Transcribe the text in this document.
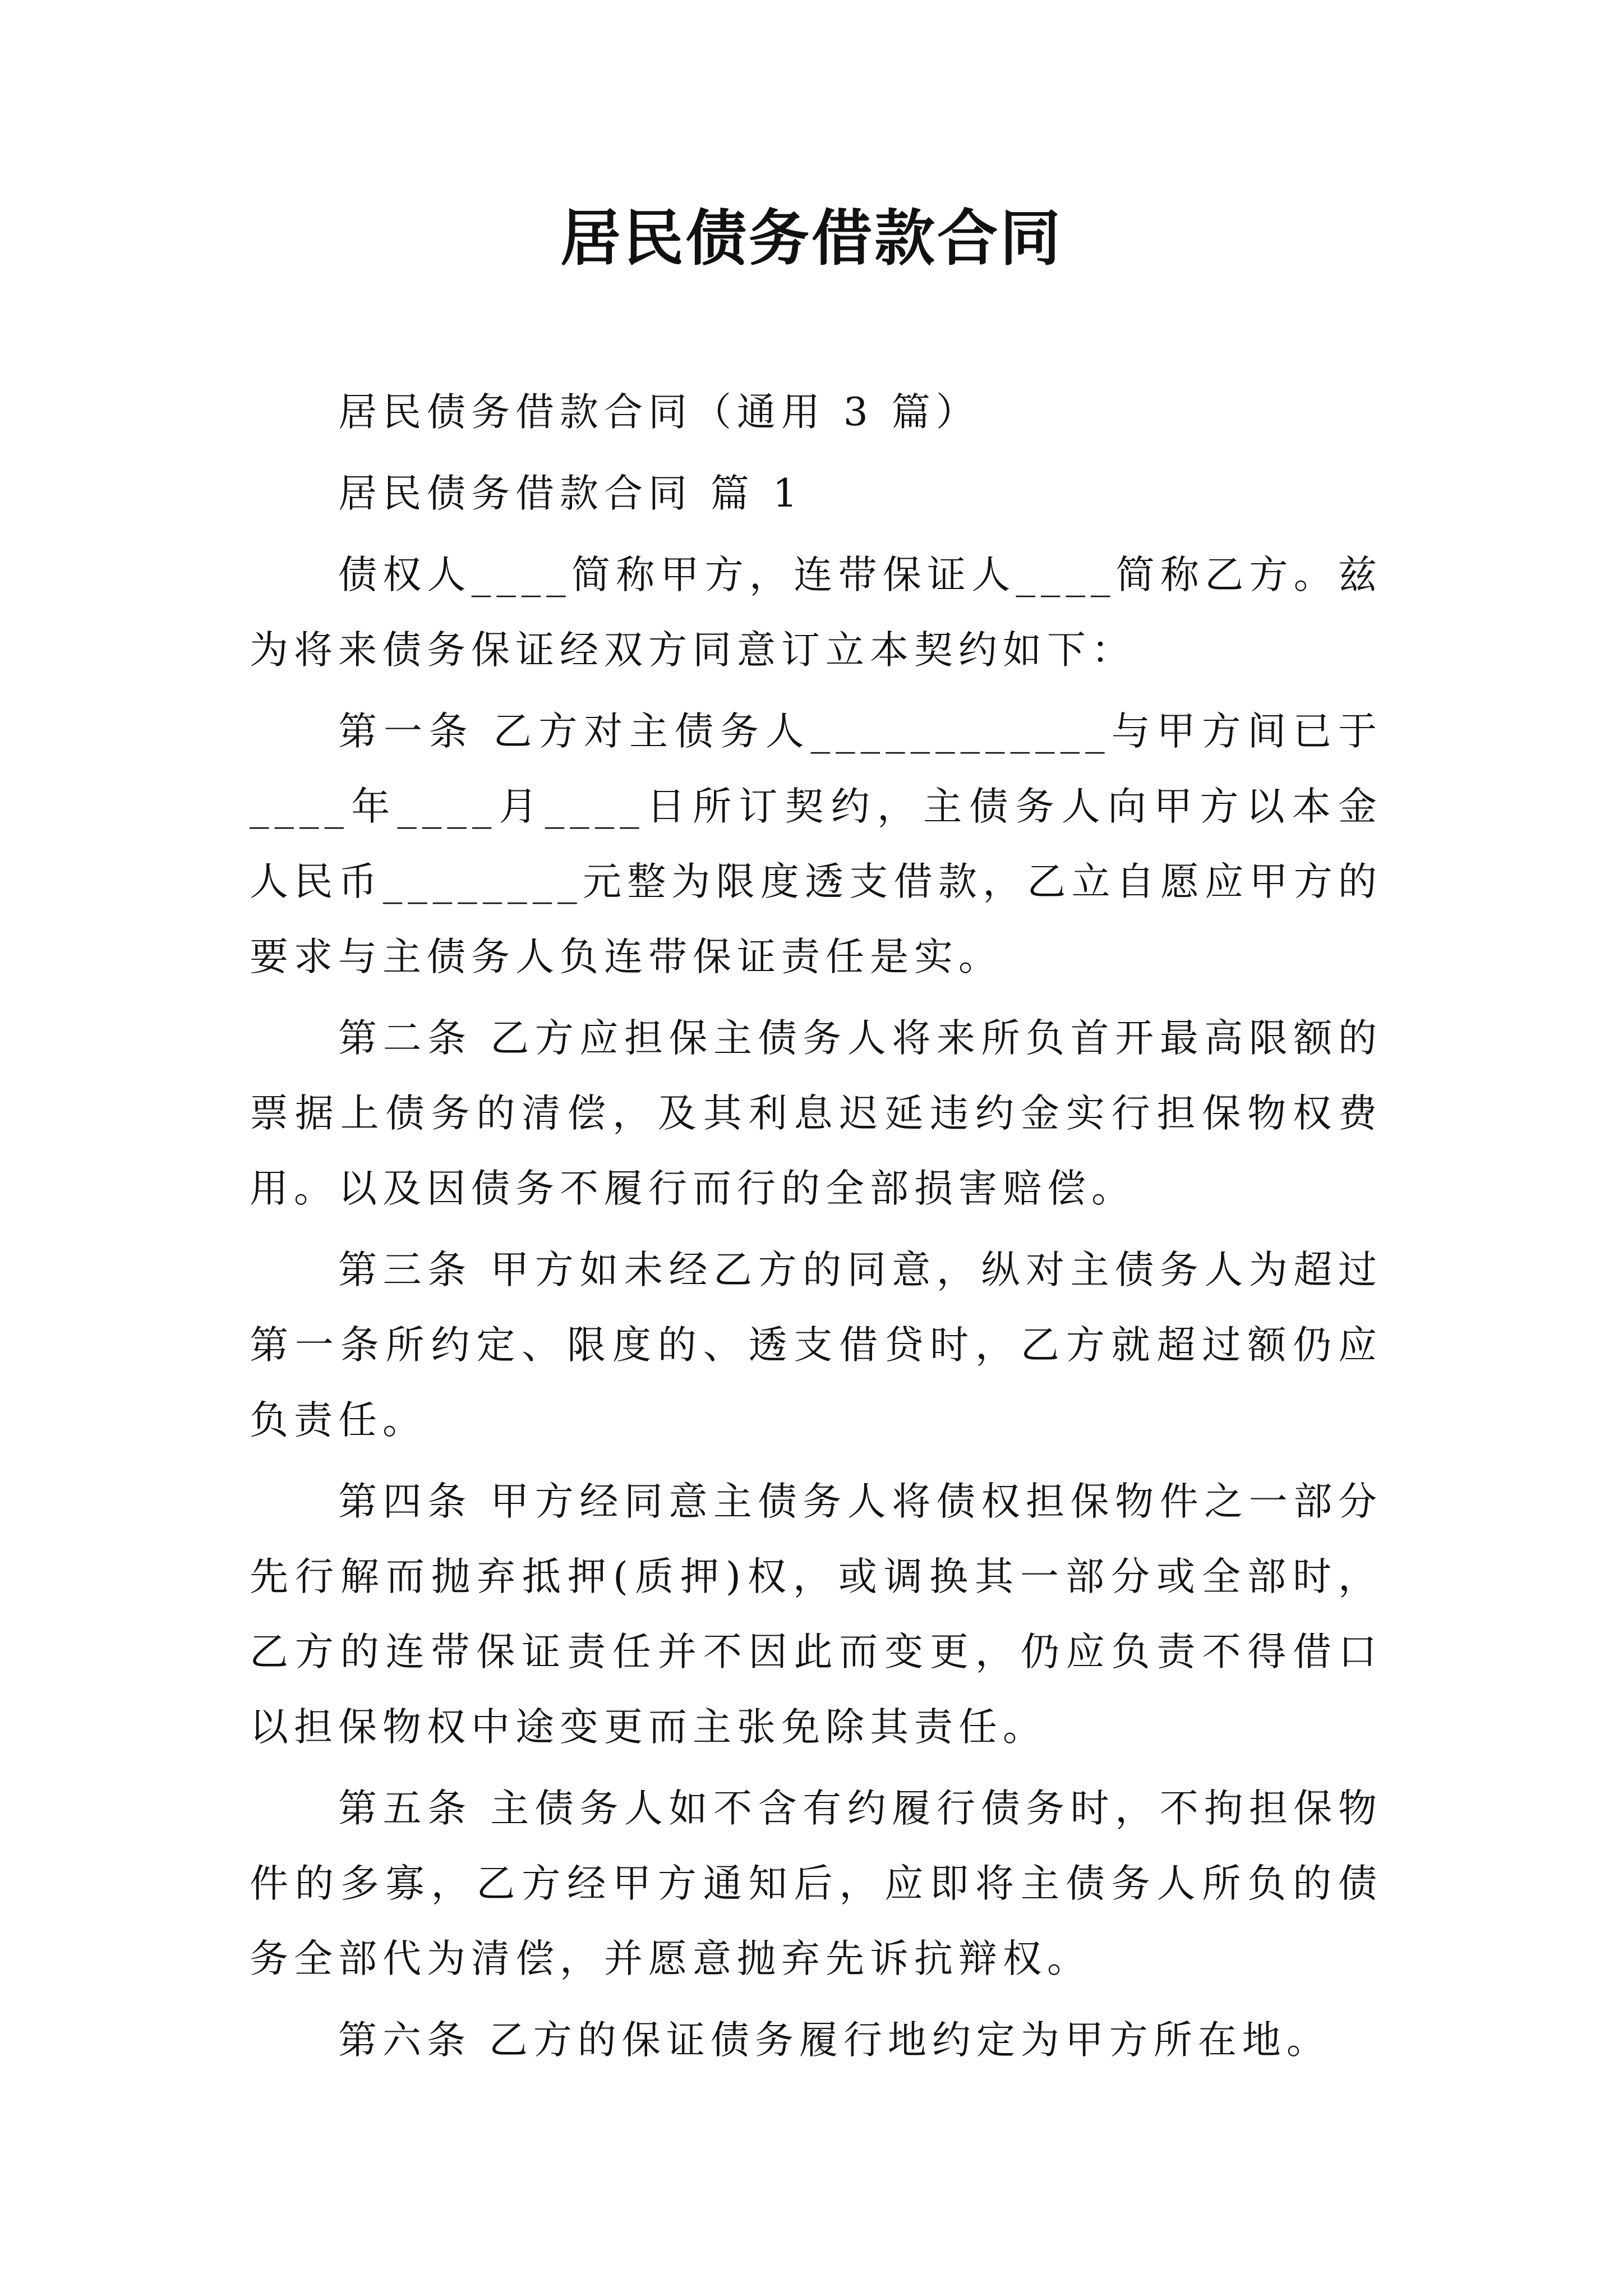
居民债务借款合同

居民债务借款合同（通用 3 篇）

居民债务借款合同 篇 1

债权人____简称甲方，连带保证人____简称乙方。兹为将来债务保证经双方同意订立本契约如下：

第一条 乙方对主债务人____________与甲方间已于____年____月____日所订契约，主债务人向甲方以本金人民币________元整为限度透支借款，乙立自愿应甲方的要求与主债务人负连带保证责任是实。

第二条 乙方应担保主债务人将来所负首开最高限额的票据上债务的清偿，及其利息迟延违约金实行担保物权费用。以及因债务不履行而行的全部损害赔偿。

第三条 甲方如未经乙方的同意，纵对主债务人为超过第一条所约定、限度的、透支借贷时，乙方就超过额仍应负责任。

第四条 甲方经同意主债务人将债权担保物件之一部分先行解而抛弃抵押(质押)权，或调换其一部分或全部时，乙方的连带保证责任并不因此而变更，仍应负责不得借口以担保物权中途变更而主张免除其责任。

第五条 主债务人如不含有约履行债务时，不拘担保物件的多寡，乙方经甲方通知后，应即将主债务人所负的债务全部代为清偿，并愿意抛弃先诉抗辩权。

第六条 乙方的保证债务履行地约定为甲方所在地。
